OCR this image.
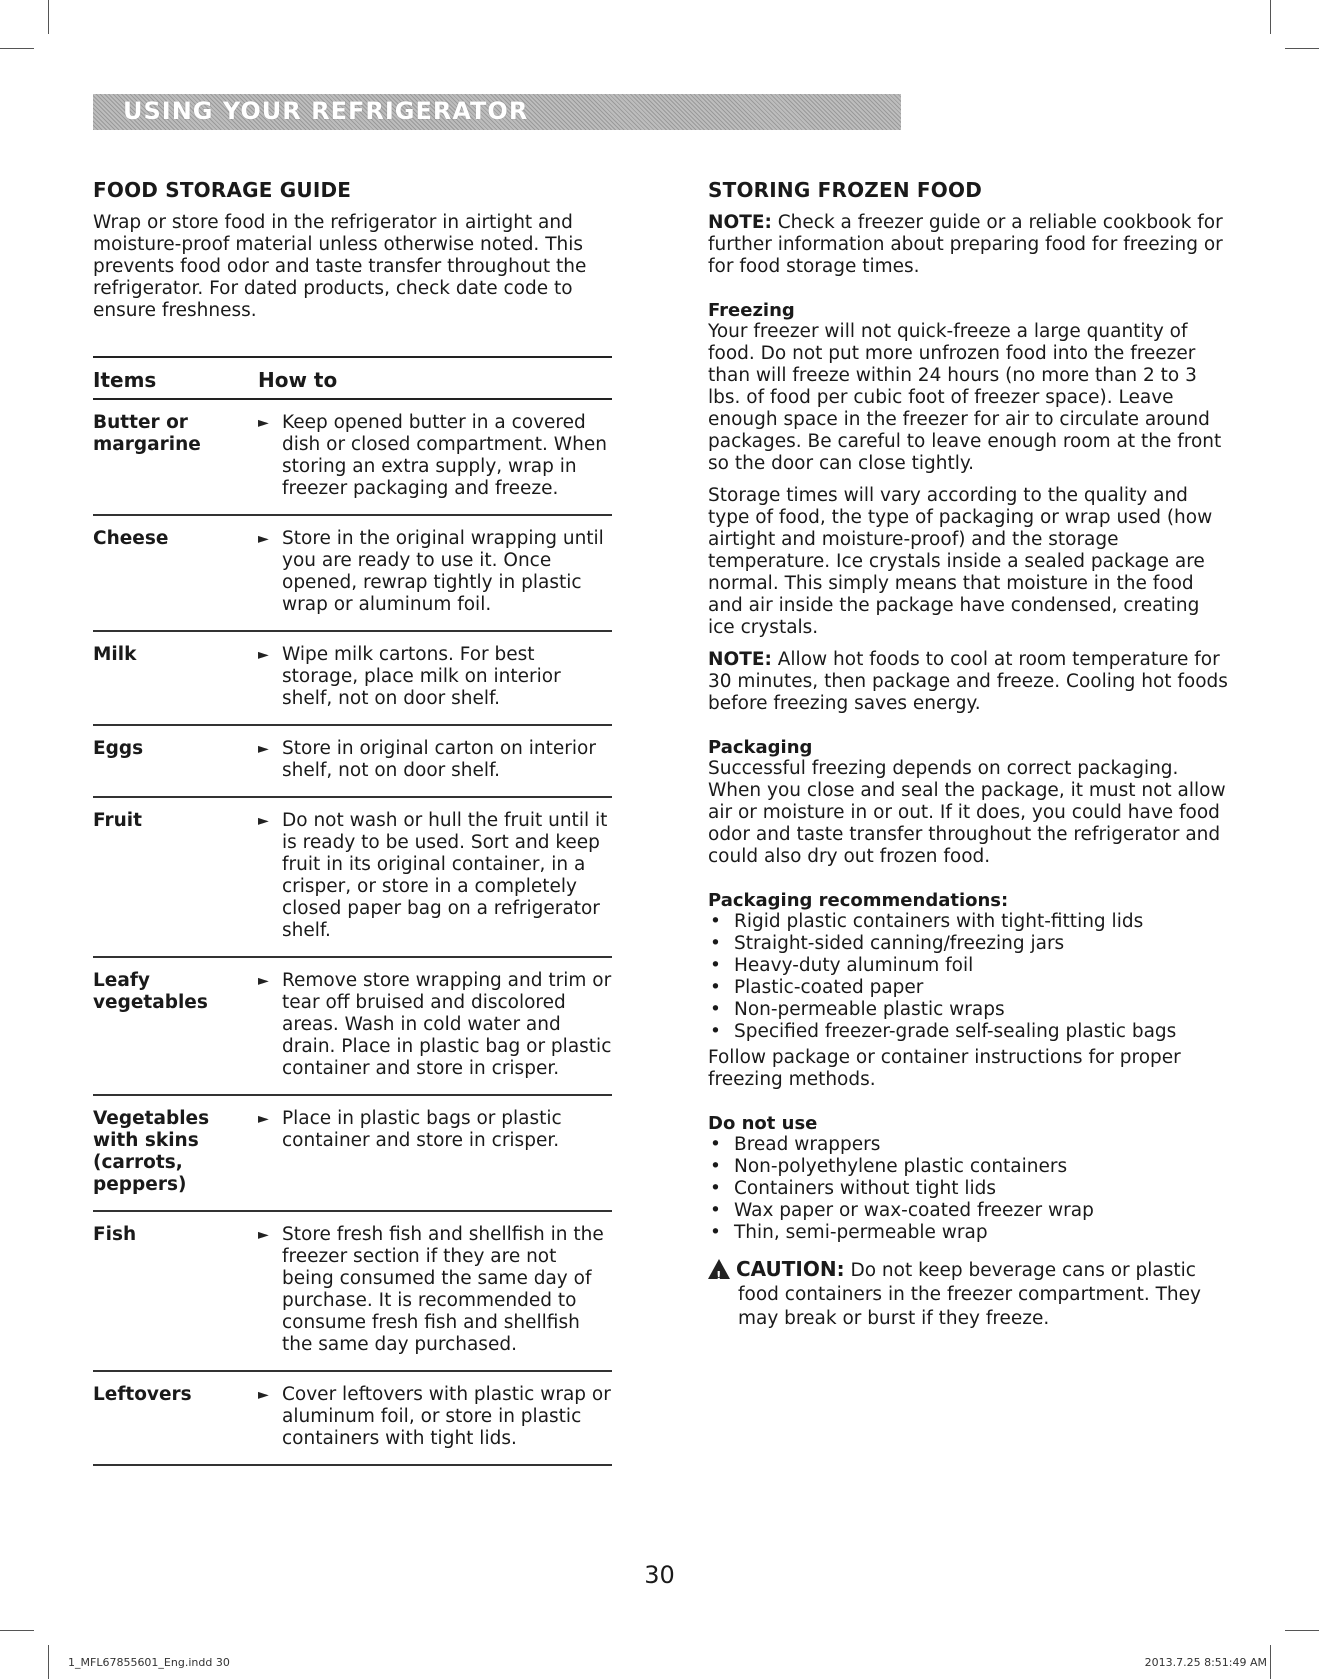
USING YOUR REFRIGERATOR
FOOD STORAGE GUIDE

Wrap or store food in the refrigerator in airtight and moisture-proof material unless otherwise noted. This prevents food odor and taste transfer throughout the refrigerator. For dated products, check date code to ensure freshness.

Items	How to
Butter or margarine	► Keep opened butter in a covered dish or closed compartment. When storing an extra supply, wrap in freezer packaging and freeze.

Cheese	► Store in the original wrapping until you are ready to use it. Once opened, rewrap tightly in plastic wrap or aluminum foil.

Milk	► Wipe milk cartons. For best storage, place milk on interior shelf, not on door shelf.

Eggs	► Store in original carton on interior shelf, not on door shelf.

Fruit	► Do not wash or hull the fruit until it is ready to be used. Sort and keep fruit in its original container, in a crisper, or store in a completely closed paper bag on a refrigerator shelf.

Leafy vegetables	► Remove store wrapping and trim or tear off bruised and discolored areas. Wash in cold water and drain. Place in plastic bag or plastic container and store in crisper.

Vegetables with skins (carrots, peppers)	► Place in plastic bags or plastic container and store in crisper.

Fish	► Store fresh fish and shellfish in the freezer section if they are not being consumed the same day of purchase. It is recommended to consume fresh fish and shellfish the same day purchased.

Leftovers	► Cover leftovers with plastic wrap or aluminum foil, or store in plastic containers with tight lids.
STORING FROZEN FOOD

NOTE: Check a freezer guide or a reliable cookbook for further information about preparing food for freezing or for food storage times.

Freezing

Your freezer will not quick-freeze a large quantity of food. Do not put more unfrozen food into the freezer than will freeze within 24 hours (no more than 2 to 3 lbs. of food per cubic foot of freezer space). Leave enough space in the freezer for air to circulate around packages. Be careful to leave enough room at the front so the door can close tightly.

Storage times will vary according to the quality and type of food, the type of packaging or wrap used (how airtight and moisture-proof) and the storage temperature. Ice crystals inside a sealed package are normal. This simply means that moisture in the food and air inside the package have condensed, creating ice crystals.

NOTE: Allow hot foods to cool at room temperature for 30 minutes, then package and freeze. Cooling hot foods before freezing saves energy.

Packaging

Successful freezing depends on correct packaging. When you close and seal the package, it must not allow air or moisture in or out. If it does, you could have food odor and taste transfer throughout the refrigerator and could also dry out frozen food.

Packaging recommendations:
• Rigid plastic containers with tight-fitting lids
• Straight-sided canning/freezing jars
• Heavy-duty aluminum foil
• Plastic-coated paper
• Non-permeable plastic wraps
• Specified freezer-grade self-sealing plastic bags

Follow package or container instructions for proper freezing methods.

Do not use
• Bread wrappers
• Non-polyethylene plastic containers
• Containers without tight lids
• Wax paper or wax-coated freezer wrap
• Thin, semi-permeable wrap
! CAUTION: Do not keep beverage cans or plastic food containers in the freezer compartment. They may break or burst if they freeze.
30
1_MFL67855601_Eng.indd 30	2013.7.25 8:51:49 AM
